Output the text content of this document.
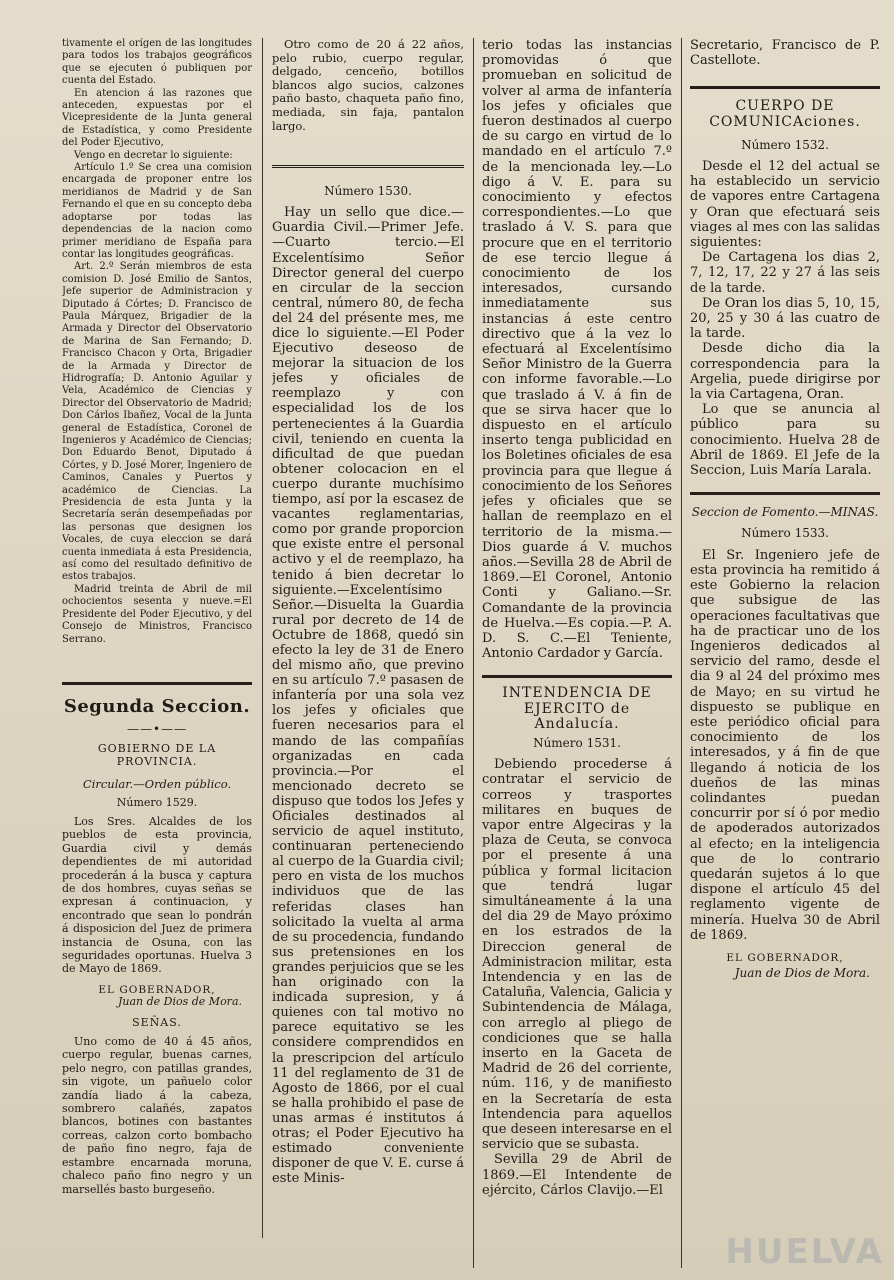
tivamente el orígen de las longitudes para todos los trabajos geográficos que se ejecuten ó publiquen por cuenta del Estado.

En atencion á las razones que anteceden, expuestas por el Vicepresidente de la Junta general de Estadística, y como Presidente del Poder Ejecutivo,

Vengo en decretar lo siguiente:

Artículo 1.º Se crea una comision encargada de proponer entre los meridianos de Madrid y de San Fernando el que en su concepto deba adoptarse por todas las dependencias de la nacion como primer meridiano de España para contar las longitudes geográficas.

Art. 2.º Serán miembros de esta comision D. José Emilio de Santos, Jefe superior de Administracion y Diputado á Córtes; D. Francisco de Paula Márquez, Brigadier de la Armada y Director del Observatorio de Marina de San Fernando; D. Francisco Chacon y Orta, Brigadier de la Armada y Director de Hidrografía; D. Antonio Aguilar y Vela, Académico de Ciencias y Director del Observatorio de Madrid; Don Cárlos Ibañez, Vocal de la Junta general de Estadística, Coronel de Ingenieros y Académico de Ciencias; Don Eduardo Benot, Diputado á Córtes, y D. José Morer, Ingeniero de Caminos, Canales y Puertos y académico de Ciencias. La Presidencia de esta Junta y la Secretaría serán desempeñadas por las personas que designen los Vocales, de cuya eleccion se dará cuenta inmediata á esta Presidencia, así como del resultado definitivo de estos trabajos.

Madrid treinta de Abril de mil ochocientos sesenta y nueve.=El Presidente del Poder Ejecutivo, y del Consejo de Ministros, Francisco Serrano.

Segunda Seccion.
——•——
GOBIERNO DE LA PROVINCIA.
Circular.—Orden público.
Número 1529.

Los Sres. Alcaldes de los pueblos de esta provincia, Guardia civil y demás dependientes de mi autoridad procederán á la busca y captura de dos hombres, cuyas señas se expresan á continuacion, y encontrado que sean lo pondrán á disposicion del Juez de primera instancia de Osuna, con las seguridades oportunas. Huelva 3 de Mayo de 1869.

EL GOBERNADOR,
Juan de Dios de Mora.
SEÑAS.

Uno como de 40 á 45 años, cuerpo regular, buenas carnes, pelo negro, con patillas grandes, sin vigote, un pañuelo color zandía liado á la cabeza, sombrero calañés, zapatos blancos, botines con bastantes correas, calzon corto bombacho de paño fino negro, faja de estambre encarnada moruna, chaleco paño fino negro y un marsellés basto burgeseño.

Otro como de 20 á 22 años, pelo rubio, cuerpo regular, delgado, cenceño, botillos blancos algo sucios, calzones paño basto, chaqueta paño fino, mediada, sin faja, pantalon largo.

Número 1530.

Hay un sello que dice.—Guardia Civil.—Primer Jefe.—Cuarto tercio.—El Excelentísimo Señor Director general del cuerpo en circular de la seccion central, número 80, de fecha del 24 del présente mes, me dice lo siguiente.—El Poder Ejecutivo deseoso de mejorar la situacion de los jefes y oficiales de reemplazo y con especialidad los de los pertenecientes á la Guardia civil, teniendo en cuenta la dificultad de que puedan obtener colocacion en el cuerpo durante muchísimo tiempo, así por la escasez de vacantes reglamentarias, como por grande proporcion que existe entre el personal activo y el de reemplazo, ha tenido á bien decretar lo siguiente.—Excelentísimo Señor.—Disuelta la Guardia rural por decreto de 14 de Octubre de 1868, quedó sin efecto la ley de 31 de Enero del mismo año, que previno en su artículo 7.º pasasen de infantería por una sola vez los jefes y oficiales que fueren necesarios para el mando de las compañías organizadas en cada provincia.—Por el mencionado decreto se dispuso que todos los Jefes y Oficiales destinados al servicio de aquel instituto, continuaran perteneciendo al cuerpo de la Guardia civil; pero en vista de los muchos individuos que de las referidas clases han solicitado la vuelta al arma de su procedencia, fundando sus pretensiones en los grandes perjuicios que se les han originado con la indicada supresion, y á quienes con tal motivo no parece equitativo se les considere comprendidos en la prescripcion del artículo 11 del reglamento de 31 de Agosto de 1866, por el cual se halla prohibido el pase de unas armas é institutos á otras; el Poder Ejecutivo ha estimado conveniente disponer de que V. E. curse á este Minis-

terio todas las instancias promovidas ó que promueban en solicitud de volver al arma de infantería los jefes y oficiales que fueron destinados al cuerpo de su cargo en virtud de lo mandado en el artículo 7.º de la mencionada ley.—Lo digo á V. E. para su conocimiento y efectos correspondientes.—Lo que traslado á V. S. para que procure que en el territorio de ese tercio llegue á conocimiento de los interesados, cursando inmediatamente sus instancias á este centro directivo que á la vez lo efectuará al Excelentísimo Señor Ministro de la Guerra con informe favorable.—Lo que traslado á V. á fin de que se sirva hacer que lo dispuesto en el artículo inserto tenga publicidad en los Boletines oficiales de esa provincia para que llegue á conocimiento de los Señores jefes y oficiales que se hallan de reemplazo en el territorio de la misma.—Dios guarde á V. muchos años.—Sevilla 28 de Abril de 1869.—El Coronel, Antonio Conti y Galiano.—Sr. Comandante de la provincia de Huelva.—Es copia.—P. A. D. S. C.—El Teniente, Antonio Cardador y García.

INTENDENCIA DE EJERCITO de Andalucía.
Número 1531.

Debiendo procederse á contratar el servicio de correos y trasportes militares en buques de vapor entre Algeciras y la plaza de Ceuta, se convoca por el presente á una pública y formal licitacion que tendrá lugar simultáneamente á la una del dia 29 de Mayo próximo en los estrados de la Direccion general de Administracion militar, esta Intendencia y en las de Cataluña, Valencia, Galicia y Subintendencia de Málaga, con arreglo al pliego de condiciones que se halla inserto en la Gaceta de Madrid de 26 del corriente, núm. 116, y de manifiesto en la Secretaría de esta Intendencia para aquellos que deseen interesarse en el servicio que se subasta.

Sevilla 29 de Abril de 1869.—El Intendente de ejército, Cárlos Clavijo.—El

Secretario, Francisco de P. Castellote.

CUERPO DE COMUNICAciones.
Número 1532.

Desde el 12 del actual se ha establecido un servicio de vapores entre Cartagena y Oran que efectuará seis viages al mes con las salidas siguientes:

De Cartagena los dias 2, 7, 12, 17, 22 y 27 á las seis de la tarde.

De Oran los dias 5, 10, 15, 20, 25 y 30 á las cuatro de la tarde.

Desde dicho dia la correspondencia para la Argelia, puede dirigirse por la via Cartagena, Oran.

Lo que se anuncia al público para su conocimiento. Huelva 28 de Abril de 1869. El Jefe de la Seccion, Luis María Larala.

Seccion de Fomento.—MINAS.
Número 1533.

El Sr. Ingeniero jefe de esta provincia ha remitido á este Gobierno la relacion que subsigue de las operaciones facultativas que ha de practicar uno de los Ingenieros dedicados al servicio del ramo, desde el dia 9 al 24 del próximo mes de Mayo; en su virtud he dispuesto se publique en este periódico oficial para conocimiento de los interesados, y á fin de que llegando á noticia de los dueños de las minas colindantes puedan concurrir por sí ó por medio de apoderados autorizados al efecto; en la inteligencia que de lo contrario quedarán sujetos á lo que dispone el artículo 45 del reglamento vigente de minería. Huelva 30 de Abril de 1869.

EL GOBERNADOR,
Juan de Dios de Mora.
HUELVA
